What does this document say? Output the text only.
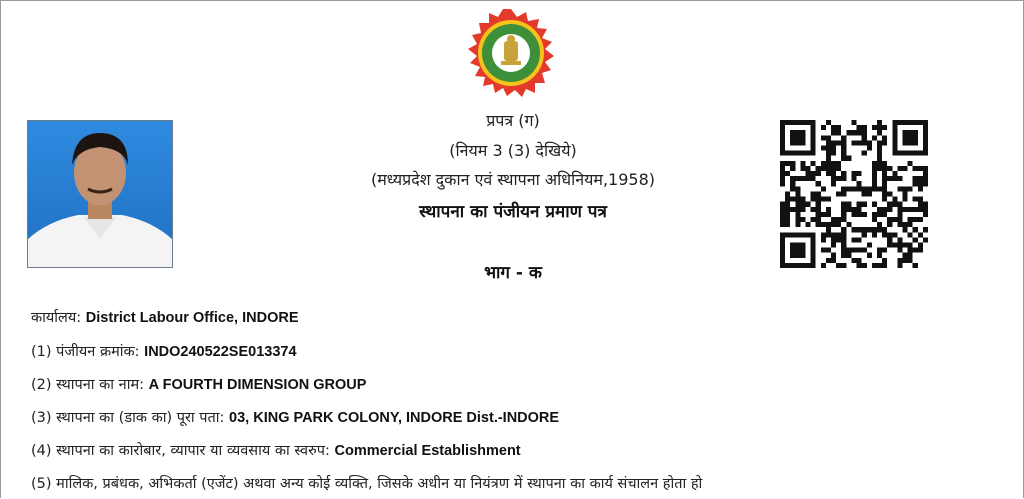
प्रपत्र (ग)
(नियम 3 (3) देखिये)
(मध्यप्रदेश दुकान एवं स्थापना अधिनियम,1958)
स्थापना का पंजीयन प्रमाण पत्र
भाग - क
कार्यालय: District Labour Office, INDORE
(1) पंजीयन क्रमांक: INDO240522SE013374
(2) स्थापना का नाम: A FOURTH DIMENSION GROUP
(3) स्थापना का (डाक का) पूरा पता: 03, KING PARK COLONY, INDORE Dist.-INDORE
(4) स्थापना का कारोबार, व्यापार या व्यवसाय का स्वरुप: Commercial Establishment
(5) मालिक, प्रबंधक, अभिकर्ता (एजेंट) अथवा अन्य कोई व्यक्ति, जिसके अधीन या नियंत्रण में स्थापना का कार्य संचालन होता हो
